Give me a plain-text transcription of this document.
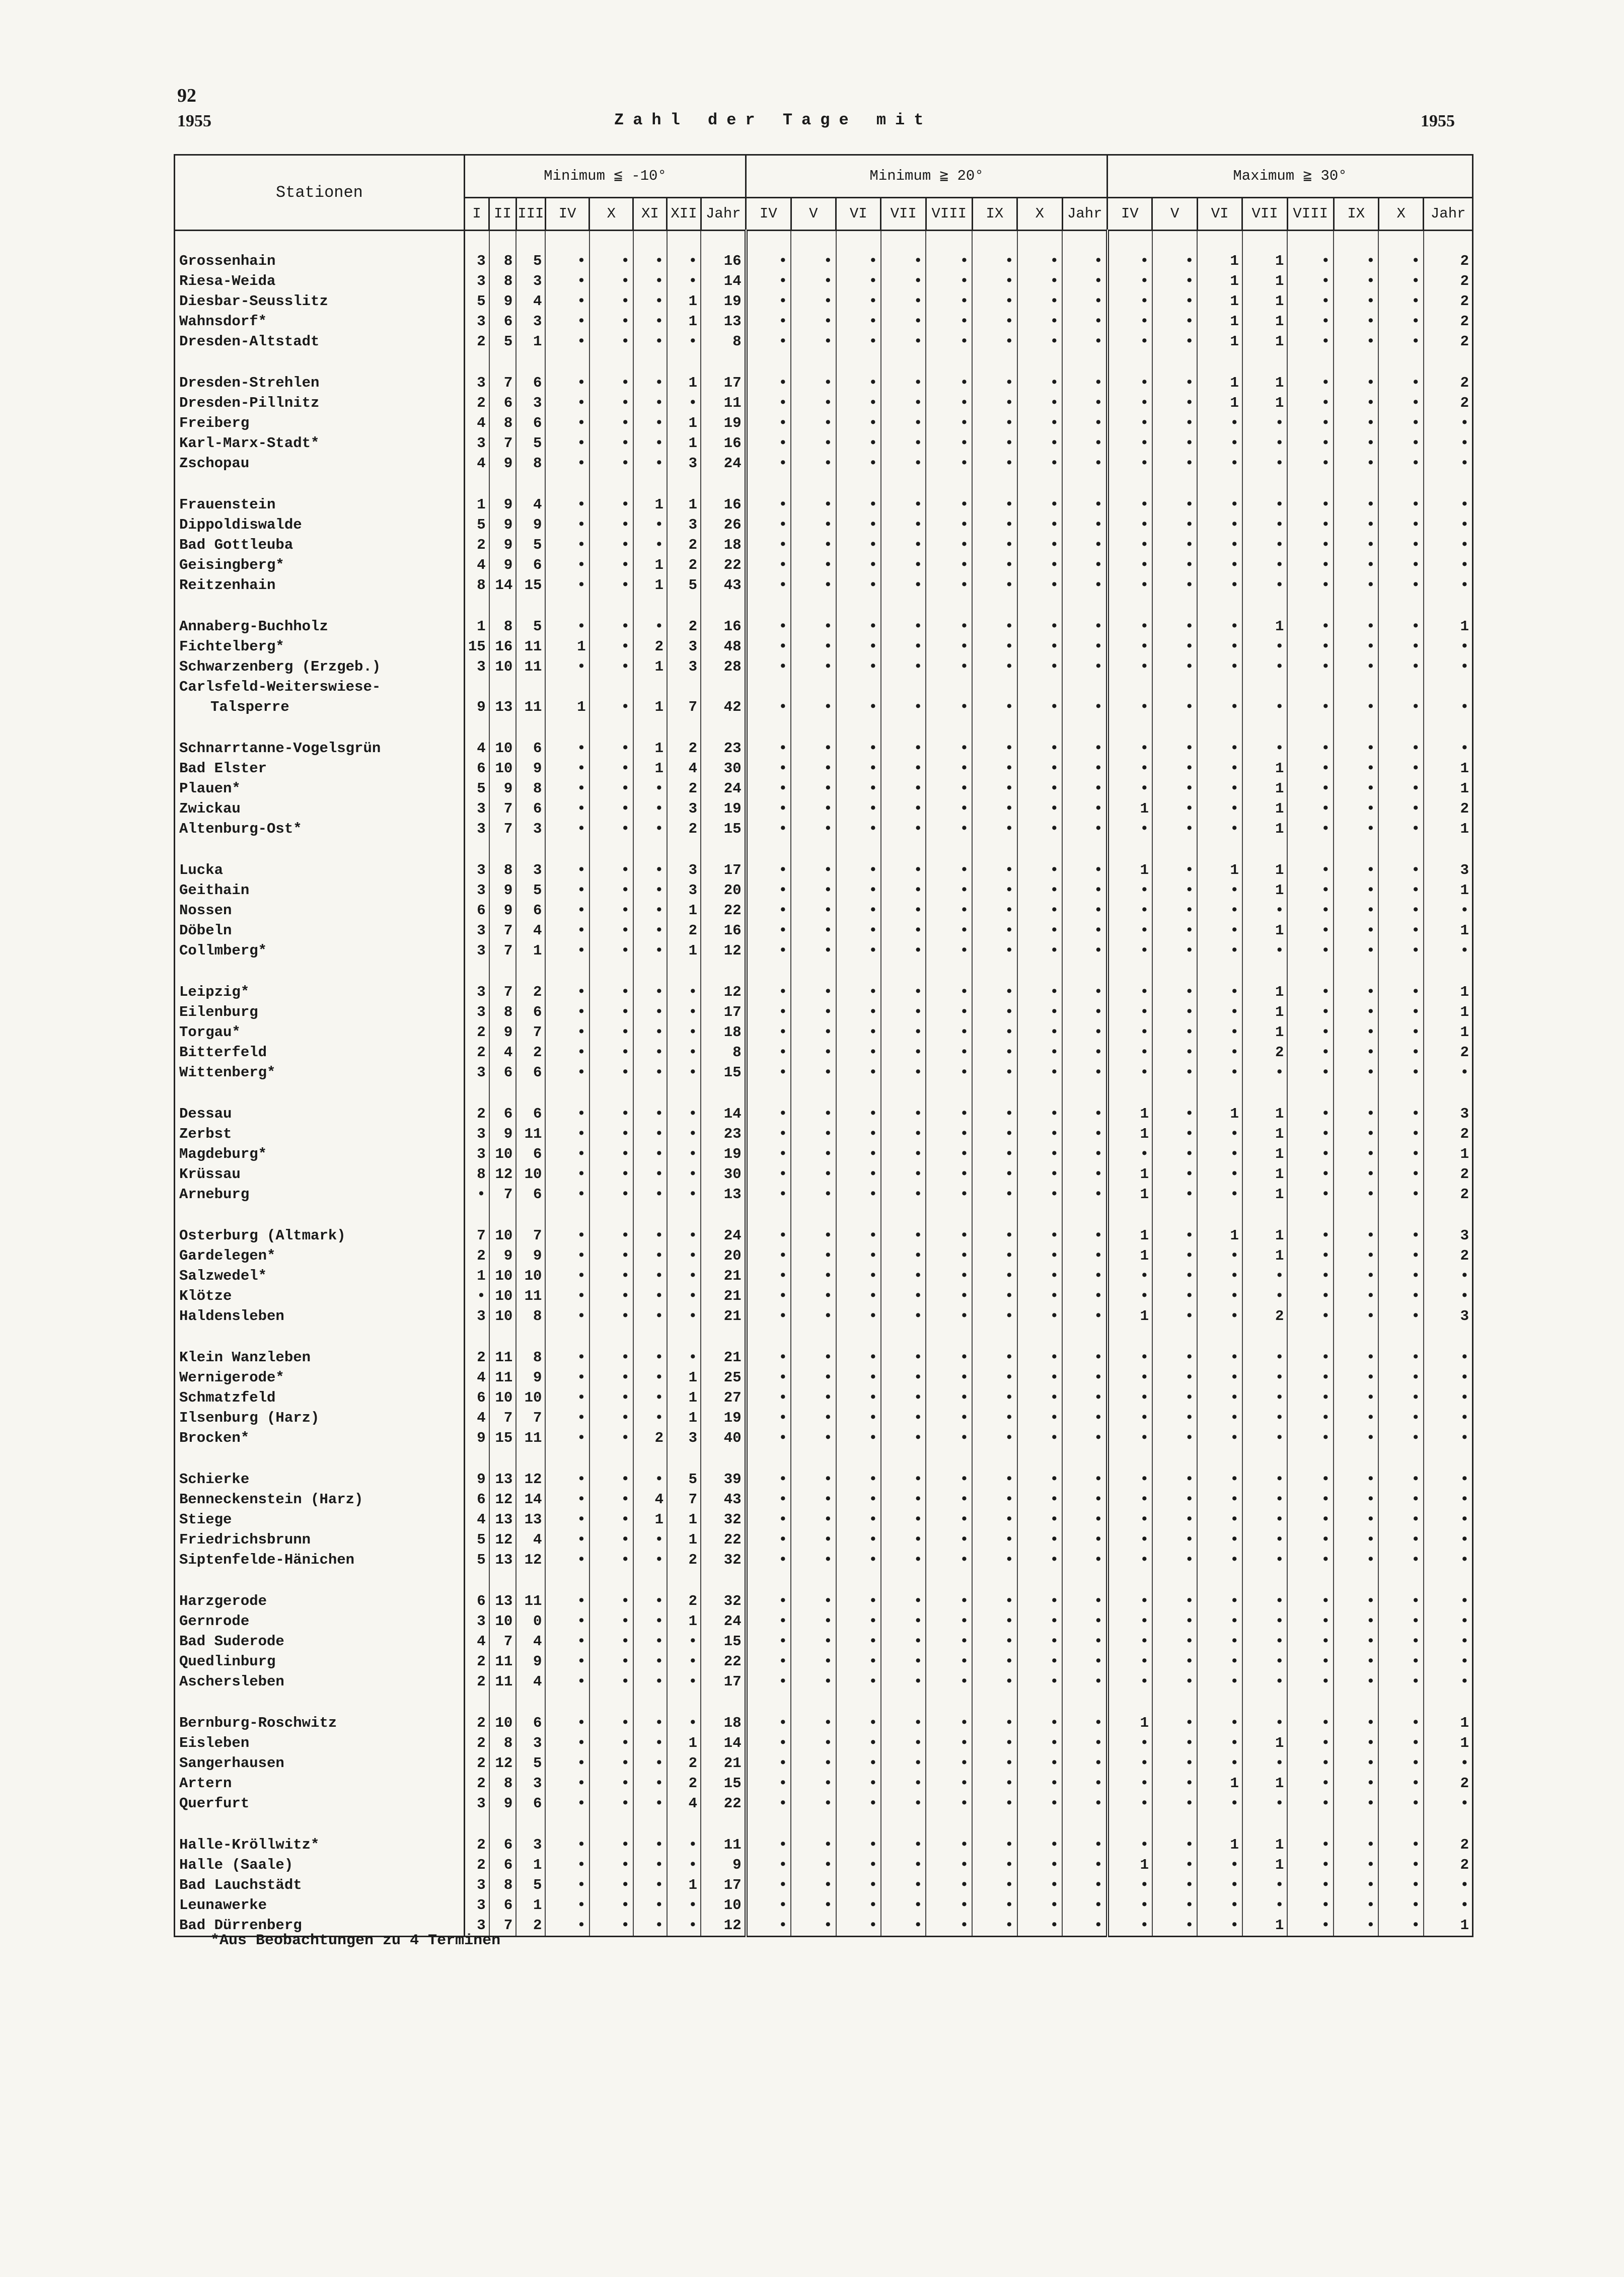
92
1955	Zahl der Tage mit	1955
Stationen	Minimum ≦ -10°								Minimum ≧ 20°								Maximum ≧ 30°							
	I	II	III	IV	X	XI	XII	Jahr	IV	V	VI	VII	VIII	IX	X	Jahr	IV	V	VI	VII	VIII	IX	X	Jahr

Grossenhain	3	8	5	•	•	•	•	16	•	•	•	•	•	•	•	•	•	•	1	1	•	•	•	2
Riesa-Weida	3	8	3	•	•	•	•	14	•	•	•	•	•	•	•	•	•	•	1	1	•	•	•	2
Diesbar-Seusslitz	5	9	4	•	•	•	1	19	•	•	•	•	•	•	•	•	•	•	1	1	•	•	•	2
Wahnsdorf*	3	6	3	•	•	•	1	13	•	•	•	•	•	•	•	•	•	•	1	1	•	•	•	2
Dresden-Altstadt	2	5	1	•	•	•	•	8	•	•	•	•	•	•	•	•	•	•	1	1	•	•	•	2

Dresden-Strehlen	3	7	6	•	•	•	1	17	•	•	•	•	•	•	•	•	•	•	1	1	•	•	•	2
Dresden-Pillnitz	2	6	3	•	•	•	•	11	•	•	•	•	•	•	•	•	•	•	1	1	•	•	•	2
Freiberg	4	8	6	•	•	•	1	19	•	•	•	•	•	•	•	•	•	•	•	•	•	•	•	•
Karl-Marx-Stadt*	3	7	5	•	•	•	1	16	•	•	•	•	•	•	•	•	•	•	•	•	•	•	•	•
Zschopau	4	9	8	•	•	•	3	24	•	•	•	•	•	•	•	•	•	•	•	•	•	•	•	•

Frauenstein	1	9	4	•	•	1	1	16	•	•	•	•	•	•	•	•	•	•	•	•	•	•	•	•
Dippoldiswalde	5	9	9	•	•	•	3	26	•	•	•	•	•	•	•	•	•	•	•	•	•	•	•	•
Bad Gottleuba	2	9	5	•	•	•	2	18	•	•	•	•	•	•	•	•	•	•	•	•	•	•	•	•
Geisingberg*	4	9	6	•	•	1	2	22	•	•	•	•	•	•	•	•	•	•	•	•	•	•	•	•
Reitzenhain	8	14	15	•	•	1	5	43	•	•	•	•	•	•	•	•	•	•	•	•	•	•	•	•

Annaberg-Buchholz	1	8	5	•	•	•	2	16	•	•	•	•	•	•	•	•	•	•	•	1	•	•	•	1
Fichtelberg*	15	16	11	1	•	2	3	48	•	•	•	•	•	•	•	•	•	•	•	•	•	•	•	•
Schwarzenberg (Erzgeb.)	3	10	11	•	•	1	3	28	•	•	•	•	•	•	•	•	•	•	•	•	•	•	•	•
Carlsfeld-Weiterswiese-																								
Talsperre	9	13	11	1	•	1	7	42	•	•	•	•	•	•	•	•	•	•	•	•	•	•	•	•

Schnarrtanne-Vogelsgrün	4	10	6	•	•	1	2	23	•	•	•	•	•	•	•	•	•	•	•	•	•	•	•	•
Bad Elster	6	10	9	•	•	1	4	30	•	•	•	•	•	•	•	•	•	•	•	1	•	•	•	1
Plauen*	5	9	8	•	•	•	2	24	•	•	•	•	•	•	•	•	•	•	•	1	•	•	•	1
Zwickau	3	7	6	•	•	•	3	19	•	•	•	•	•	•	•	•	1	•	•	1	•	•	•	2
Altenburg-Ost*	3	7	3	•	•	•	2	15	•	•	•	•	•	•	•	•	•	•	•	1	•	•	•	1

Lucka	3	8	3	•	•	•	3	17	•	•	•	•	•	•	•	•	1	•	1	1	•	•	•	3
Geithain	3	9	5	•	•	•	3	20	•	•	•	•	•	•	•	•	•	•	•	1	•	•	•	1
Nossen	6	9	6	•	•	•	1	22	•	•	•	•	•	•	•	•	•	•	•	•	•	•	•	•
Döbeln	3	7	4	•	•	•	2	16	•	•	•	•	•	•	•	•	•	•	•	1	•	•	•	1
Collmberg*	3	7	1	•	•	•	1	12	•	•	•	•	•	•	•	•	•	•	•	•	•	•	•	•

Leipzig*	3	7	2	•	•	•	•	12	•	•	•	•	•	•	•	•	•	•	•	1	•	•	•	1
Eilenburg	3	8	6	•	•	•	•	17	•	•	•	•	•	•	•	•	•	•	•	1	•	•	•	1
Torgau*	2	9	7	•	•	•	•	18	•	•	•	•	•	•	•	•	•	•	•	1	•	•	•	1
Bitterfeld	2	4	2	•	•	•	•	8	•	•	•	•	•	•	•	•	•	•	•	2	•	•	•	2
Wittenberg*	3	6	6	•	•	•	•	15	•	•	•	•	•	•	•	•	•	•	•	•	•	•	•	•

Dessau	2	6	6	•	•	•	•	14	•	•	•	•	•	•	•	•	1	•	1	1	•	•	•	3
Zerbst	3	9	11	•	•	•	•	23	•	•	•	•	•	•	•	•	1	•	•	1	•	•	•	2
Magdeburg*	3	10	6	•	•	•	•	19	•	•	•	•	•	•	•	•	•	•	•	1	•	•	•	1
Krüssau	8	12	10	•	•	•	•	30	•	•	•	•	•	•	•	•	1	•	•	1	•	•	•	2
Arneburg	•	7	6	•	•	•	•	13	•	•	•	•	•	•	•	•	1	•	•	1	•	•	•	2

Osterburg (Altmark)	7	10	7	•	•	•	•	24	•	•	•	•	•	•	•	•	1	•	1	1	•	•	•	3
Gardelegen*	2	9	9	•	•	•	•	20	•	•	•	•	•	•	•	•	1	•	•	1	•	•	•	2
Salzwedel*	1	10	10	•	•	•	•	21	•	•	•	•	•	•	•	•	•	•	•	•	•	•	•	•
Klötze	•	10	11	•	•	•	•	21	•	•	•	•	•	•	•	•	•	•	•	•	•	•	•	•
Haldensleben	3	10	8	•	•	•	•	21	•	•	•	•	•	•	•	•	1	•	•	2	•	•	•	3

Klein Wanzleben	2	11	8	•	•	•	•	21	•	•	•	•	•	•	•	•	•	•	•	•	•	•	•	•
Wernigerode*	4	11	9	•	•	•	1	25	•	•	•	•	•	•	•	•	•	•	•	•	•	•	•	•
Schmatzfeld	6	10	10	•	•	•	1	27	•	•	•	•	•	•	•	•	•	•	•	•	•	•	•	•
Ilsenburg (Harz)	4	7	7	•	•	•	1	19	•	•	•	•	•	•	•	•	•	•	•	•	•	•	•	•
Brocken*	9	15	11	•	•	2	3	40	•	•	•	•	•	•	•	•	•	•	•	•	•	•	•	•

Schierke	9	13	12	•	•	•	5	39	•	•	•	•	•	•	•	•	•	•	•	•	•	•	•	•
Benneckenstein (Harz)	6	12	14	•	•	4	7	43	•	•	•	•	•	•	•	•	•	•	•	•	•	•	•	•
Stiege	4	13	13	•	•	1	1	32	•	•	•	•	•	•	•	•	•	•	•	•	•	•	•	•
Friedrichsbrunn	5	12	4	•	•	•	1	22	•	•	•	•	•	•	•	•	•	•	•	•	•	•	•	•
Siptenfelde-Hänichen	5	13	12	•	•	•	2	32	•	•	•	•	•	•	•	•	•	•	•	•	•	•	•	•

Harzgerode	6	13	11	•	•	•	2	32	•	•	•	•	•	•	•	•	•	•	•	•	•	•	•	•
Gernrode	3	10	0	•	•	•	1	24	•	•	•	•	•	•	•	•	•	•	•	•	•	•	•	•
Bad Suderode	4	7	4	•	•	•	•	15	•	•	•	•	•	•	•	•	•	•	•	•	•	•	•	•
Quedlinburg	2	11	9	•	•	•	•	22	•	•	•	•	•	•	•	•	•	•	•	•	•	•	•	•
Aschersleben	2	11	4	•	•	•	•	17	•	•	•	•	•	•	•	•	•	•	•	•	•	•	•	•

Bernburg-Roschwitz	2	10	6	•	•	•	•	18	•	•	•	•	•	•	•	•	1	•	•	•	•	•	•	1
Eisleben	2	8	3	•	•	•	1	14	•	•	•	•	•	•	•	•	•	•	•	1	•	•	•	1
Sangerhausen	2	12	5	•	•	•	2	21	•	•	•	•	•	•	•	•	•	•	•	•	•	•	•	•
Artern	2	8	3	•	•	•	2	15	•	•	•	•	•	•	•	•	•	•	1	1	•	•	•	2
Querfurt	3	9	6	•	•	•	4	22	•	•	•	•	•	•	•	•	•	•	•	•	•	•	•	•

Halle-Kröllwitz*	2	6	3	•	•	•	•	11	•	•	•	•	•	•	•	•	•	•	1	1	•	•	•	2
Halle (Saale)	2	6	1	•	•	•	•	9	•	•	•	•	•	•	•	•	1	•	•	1	•	•	•	2
Bad Lauchstädt	3	8	5	•	•	•	1	17	•	•	•	•	•	•	•	•	•	•	•	•	•	•	•	•
Leunawerke	3	6	1	•	•	•	•	10	•	•	•	•	•	•	•	•	•	•	•	•	•	•	•	•
Bad Dürrenberg	3	7	2	•	•	•	•	12	•	•	•	•	•	•	•	•	•	•	•	1	•	•	•	1
*Aus Beobachtungen zu 4 Terminen
